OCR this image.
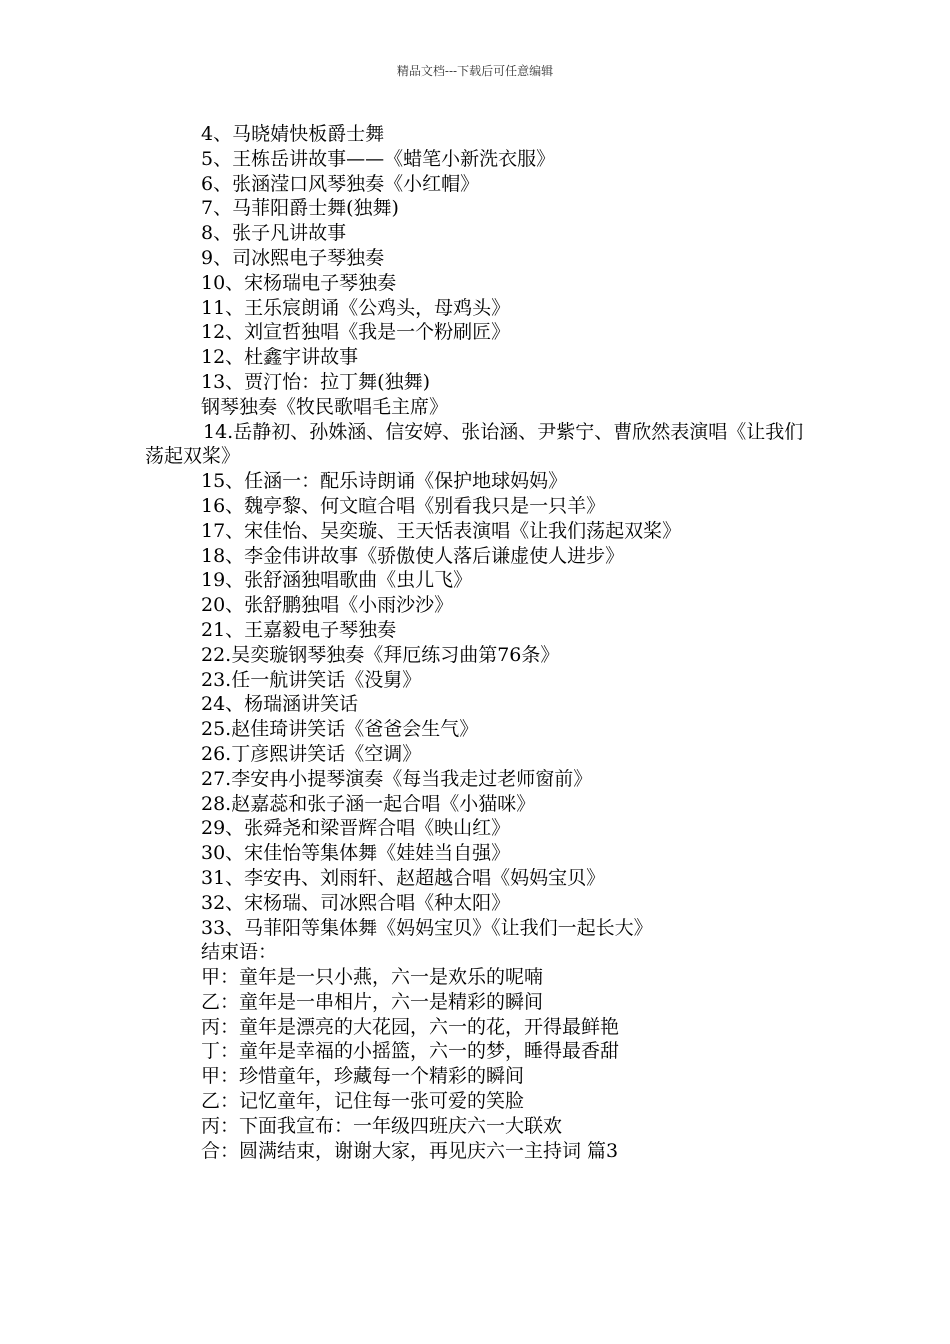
精品文档---下载后可任意编辑
4、马晓婧快板爵士舞
5、王栋岳讲故事——《蜡笔小新洗衣服》
6、张涵滢口风琴独奏《小红帽》
7、马菲阳爵士舞(独舞)
8、张子凡讲故事
9、司冰熙电子琴独奏
10、宋杨瑞电子琴独奏
11、王乐宸朗诵《公鸡头，母鸡头》
12、刘宣哲独唱《我是一个粉刷匠》
12、杜鑫宇讲故事
13、贾汀怡：拉丁舞(独舞)
钢琴独奏《牧民歌唱毛主席》
14.岳静初、孙姝涵、信安婷、张诒涵、尹紫宁、曹欣然表演唱《让我们荡起双桨》
15、任涵一：配乐诗朗诵《保护地球妈妈》
16、魏亭黎、何文暄合唱《别看我只是一只羊》
17、宋佳怡、吴奕璇、王天恬表演唱《让我们荡起双桨》
18、李金伟讲故事《骄傲使人落后谦虚使人进步》
19、张舒涵独唱歌曲《虫儿飞》
20、张舒鹏独唱《小雨沙沙》
21、王嘉毅电子琴独奏
22.吴奕璇钢琴独奏《拜厄练习曲第76条》
23.任一航讲笑话《没舅》
24、杨瑞涵讲笑话
25.赵佳琦讲笑话《爸爸会生气》
26.丁彦熙讲笑话《空调》
27.李安冉小提琴演奏《每当我走过老师窗前》
28.赵嘉蕊和张子涵一起合唱《小猫咪》
29、张舜尧和梁晋辉合唱《映山红》
30、宋佳怡等集体舞《娃娃当自强》
31、李安冉、刘雨轩、赵超越合唱《妈妈宝贝》
32、宋杨瑞、司冰熙合唱《种太阳》
33、马菲阳等集体舞《妈妈宝贝》《让我们一起长大》
结束语：
甲：童年是一只小燕，六一是欢乐的呢喃
乙：童年是一串相片，六一是精彩的瞬间
丙：童年是漂亮的大花园，六一的花，开得最鲜艳
丁：童年是幸福的小摇篮，六一的梦，睡得最香甜
甲：珍惜童年，珍藏每一个精彩的瞬间
乙：记忆童年，记住每一张可爱的笑脸
丙：下面我宣布：一年级四班庆六一大联欢
合：圆满结束，谢谢大家，再见庆六一主持词 篇3
